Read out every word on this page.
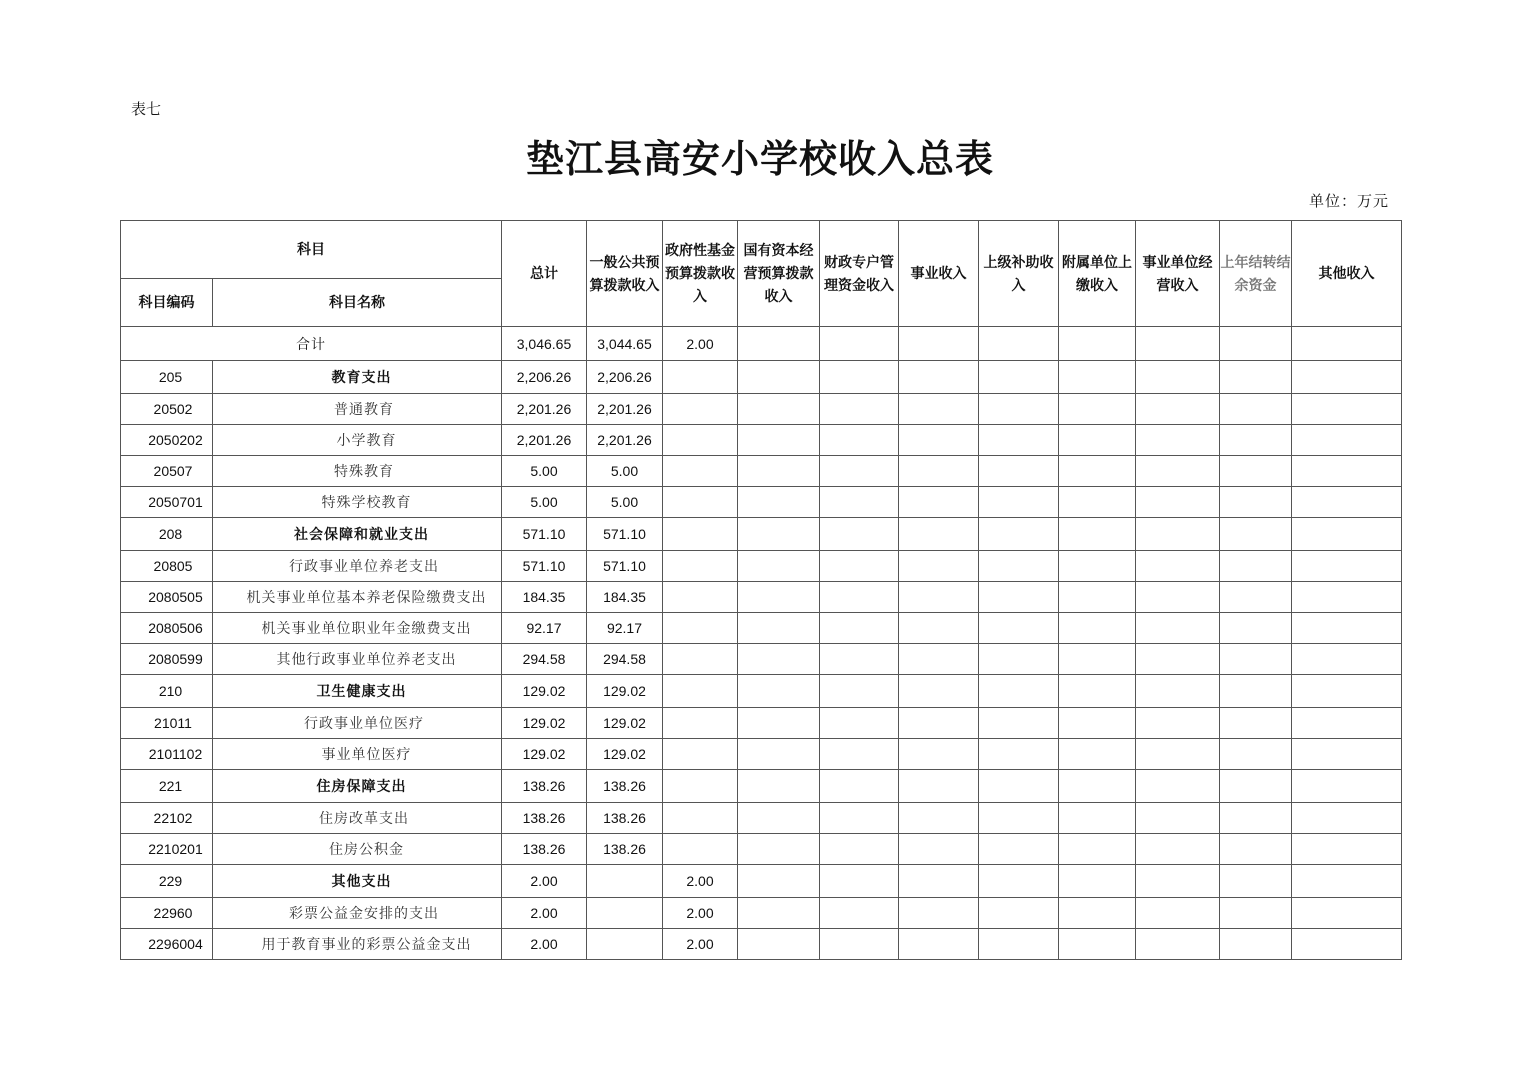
表七
垫江县高安小学校收入总表
单位：万元
科目		总计	一般公共预算拨款收入	政府性基金预算拨款收入	国有资本经营预算拨款收入	财政专户管理资金收入	事业收入	上级补助收入	附属单位上缴收入	事业单位经营收入	上年结转结余资金	其他收入
科目编码	科目名称											
合计		3,046.65	3,044.65	2.00								
205	教育支出	2,206.26	2,206.26									
20502	普通教育	2,201.26	2,201.26									
2050202	小学教育	2,201.26	2,201.26									
20507	特殊教育	5.00	5.00									
2050701	特殊学校教育	5.00	5.00									
208	社会保障和就业支出	571.10	571.10									
20805	行政事业单位养老支出	571.10	571.10									
2080505	机关事业单位基本养老保险缴费支出	184.35	184.35									
2080506	机关事业单位职业年金缴费支出	92.17	92.17									
2080599	其他行政事业单位养老支出	294.58	294.58									
210	卫生健康支出	129.02	129.02									
21011	行政事业单位医疗	129.02	129.02									
2101102	事业单位医疗	129.02	129.02									
221	住房保障支出	138.26	138.26									
22102	住房改革支出	138.26	138.26									
2210201	住房公积金	138.26	138.26									
229	其他支出	2.00		2.00								
22960	彩票公益金安排的支出	2.00		2.00								
2296004	用于教育事业的彩票公益金支出	2.00		2.00								
